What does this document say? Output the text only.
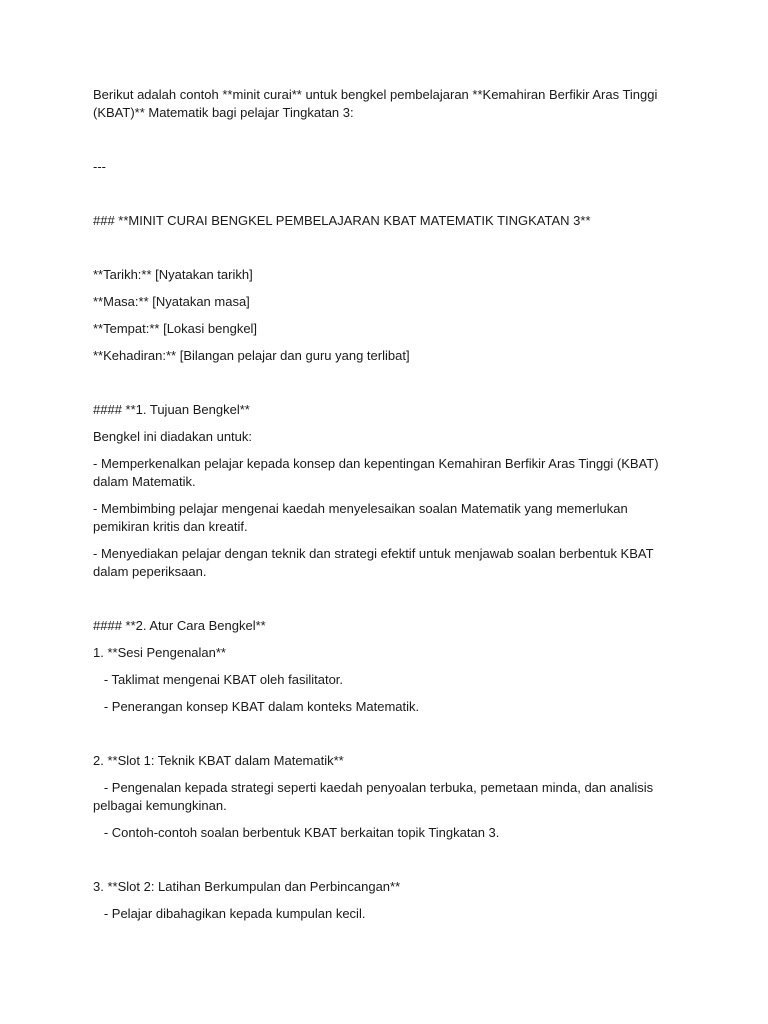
Berikut adalah contoh **minit curai** untuk bengkel pembelajaran **Kemahiran Berfikir Aras Tinggi (KBAT)** Matematik bagi pelajar Tingkatan 3:

---

### **MINIT CURAI BENGKEL PEMBELAJARAN KBAT MATEMATIK TINGKATAN 3**

**Tarikh:** [Nyatakan tarikh]

**Masa:** [Nyatakan masa]

**Tempat:** [Lokasi bengkel]

**Kehadiran:** [Bilangan pelajar dan guru yang terlibat]

#### **1. Tujuan Bengkel**

Bengkel ini diadakan untuk:

- Memperkenalkan pelajar kepada konsep dan kepentingan Kemahiran Berfikir Aras Tinggi (KBAT) dalam Matematik.

- Membimbing pelajar mengenai kaedah menyelesaikan soalan Matematik yang memerlukan pemikiran kritis dan kreatif.

- Menyediakan pelajar dengan teknik dan strategi efektif untuk menjawab soalan berbentuk KBAT dalam peperiksaan.

#### **2. Atur Cara Bengkel**

1. **Sesi Pengenalan**

- Taklimat mengenai KBAT oleh fasilitator.

- Penerangan konsep KBAT dalam konteks Matematik.

2. **Slot 1: Teknik KBAT dalam Matematik**

- Pengenalan kepada strategi seperti kaedah penyoalan terbuka, pemetaan minda, dan analisis pelbagai kemungkinan.

- Contoh-contoh soalan berbentuk KBAT berkaitan topik Tingkatan 3.

3. **Slot 2: Latihan Berkumpulan dan Perbincangan**

- Pelajar dibahagikan kepada kumpulan kecil.
